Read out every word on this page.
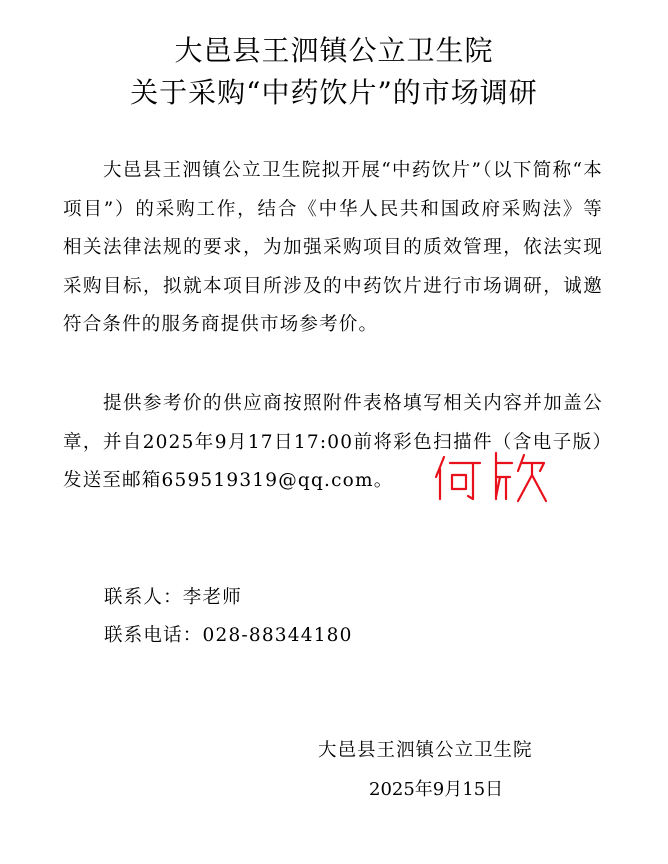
大邑县王泗镇公立卫生院
关于采购“中药饮片”的市场调研

大邑县王泗镇公立卫生院拟开展“中药饮片”（以下简称“本项目”）的采购工作，结合《中华人民共和国政府采购法》等相关法律法规的要求，为加强采购项目的质效管理，依法实现采购目标，拟就本项目所涉及的中药饮片进行市场调研，诚邀符合条件的服务商提供市场参考价。

提供参考价的供应商按照附件表格填写相关内容并加盖公章，并自2025年9月17日17:00前将彩色扫描件（含电子版）发送至邮箱659519319@qq.com。

联系人：李老师
联系电话：028-88344180
大邑县王泗镇公立卫生院
2025年9月15日
